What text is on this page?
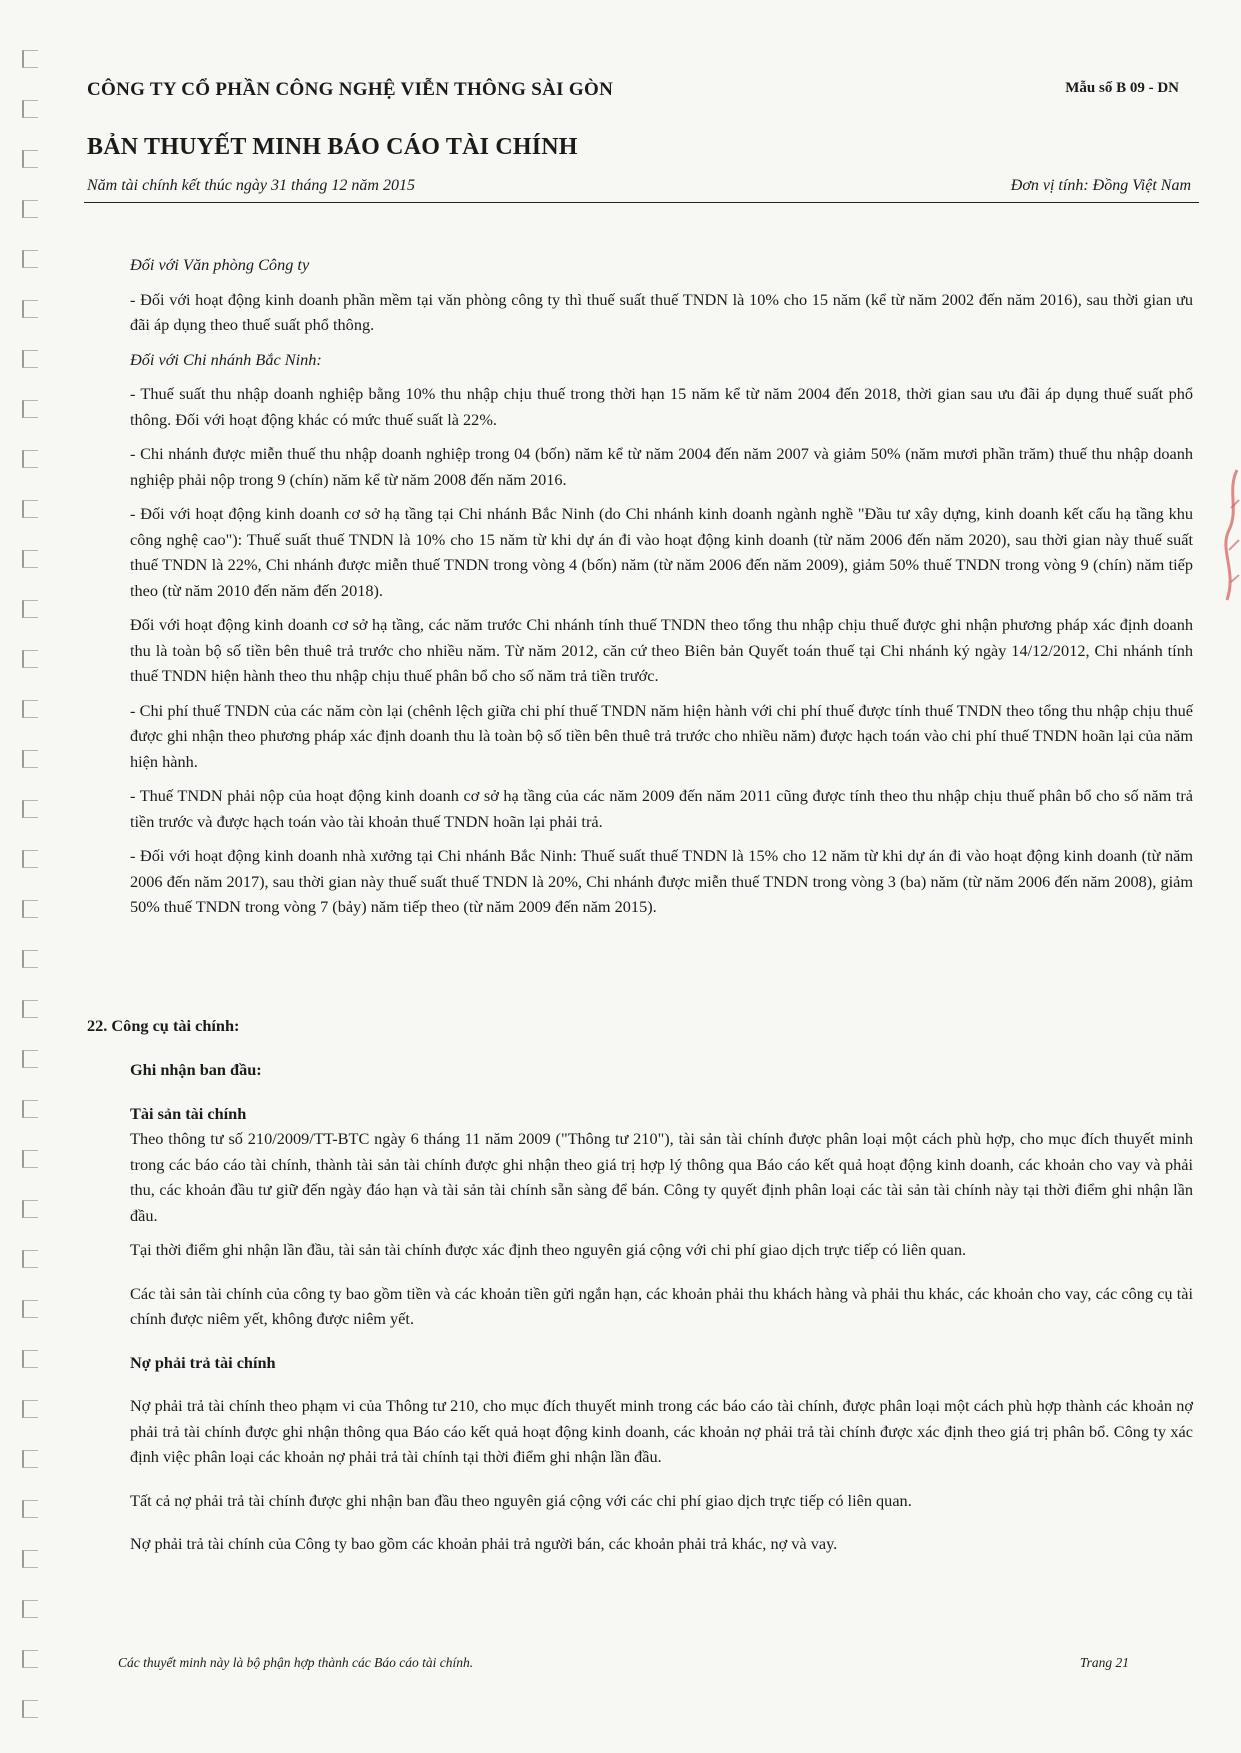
CÔNG TY CỔ PHẦN CÔNG NGHỆ VIỄN THÔNG SÀI GÒN	Mẫu số B 09 - DN
BẢN THUYẾT MINH BÁO CÁO TÀI CHÍNH
Năm tài chính kết thúc ngày 31 tháng 12 năm 2015	Đơn vị tính: Đồng Việt Nam

Đối với Văn phòng Công ty

- Đối với hoạt động kinh doanh phần mềm tại văn phòng công ty thì thuế suất thuế TNDN là 10% cho 15 năm (kể từ năm 2002 đến năm 2016), sau thời gian ưu đãi áp dụng theo thuế suất phổ thông.

Đối với Chi nhánh Bắc Ninh:

- Thuế suất thu nhập doanh nghiệp bằng 10% thu nhập chịu thuế trong thời hạn 15 năm kể từ năm 2004 đến 2018, thời gian sau ưu đãi áp dụng thuế suất phổ thông. Đối với hoạt động khác có mức thuế suất là 22%.

- Chi nhánh được miễn thuế thu nhập doanh nghiệp trong 04 (bốn) năm kể từ năm 2004 đến năm 2007 và giảm 50% (năm mươi phần trăm) thuế thu nhập doanh nghiệp phải nộp trong 9 (chín) năm kể từ năm 2008 đến năm 2016.

- Đối với hoạt động kinh doanh cơ sở hạ tầng tại Chi nhánh Bắc Ninh (do Chi nhánh kinh doanh ngành nghề "Đầu tư xây dựng, kinh doanh kết cấu hạ tầng khu công nghệ cao"): Thuế suất thuế TNDN là 10% cho 15 năm từ khi dự án đi vào hoạt động kinh doanh (từ năm 2006 đến năm 2020), sau thời gian này thuế suất thuế TNDN là 22%, Chi nhánh được miễn thuế TNDN trong vòng 4 (bốn) năm (từ năm 2006 đến năm 2009), giảm 50% thuế TNDN trong vòng 9 (chín) năm tiếp theo (từ năm 2010 đến năm đến 2018).

Đối với hoạt động kinh doanh cơ sở hạ tầng, các năm trước Chi nhánh tính thuế TNDN theo tổng thu nhập chịu thuế được ghi nhận phương pháp xác định doanh thu là toàn bộ số tiền bên thuê trả trước cho nhiều năm. Từ năm 2012, căn cứ theo Biên bản Quyết toán thuế tại Chi nhánh ký ngày 14/12/2012, Chi nhánh tính thuế TNDN hiện hành theo thu nhập chịu thuế phân bổ cho số năm trả tiền trước.

- Chi phí thuế TNDN của các năm còn lại (chênh lệch giữa chi phí thuế TNDN năm hiện hành với chi phí thuế được tính thuế TNDN theo tổng thu nhập chịu thuế được ghi nhận theo phương pháp xác định doanh thu là toàn bộ số tiền bên thuê trả trước cho nhiều năm) được hạch toán vào chi phí thuế TNDN hoãn lại của năm hiện hành.

- Thuế TNDN phải nộp của hoạt động kinh doanh cơ sở hạ tầng của các năm 2009 đến năm 2011 cũng được tính theo thu nhập chịu thuế phân bổ cho số năm trả tiền trước và được hạch toán vào tài khoản thuế TNDN hoãn lại phải trả.

- Đối với hoạt động kinh doanh nhà xưởng tại Chi nhánh Bắc Ninh: Thuế suất thuế TNDN là 15% cho 12 năm từ khi dự án đi vào hoạt động kinh doanh (từ năm 2006 đến năm 2017), sau thời gian này thuế suất thuế TNDN là 20%, Chi nhánh được miễn thuế TNDN trong vòng 3 (ba) năm (từ năm 2006 đến năm 2008), giảm 50% thuế TNDN trong vòng 7 (bảy) năm tiếp theo (từ năm 2009 đến năm 2015).

22. Công cụ tài chính:

Ghi nhận ban đầu:

Tài sản tài chính

Theo thông tư số 210/2009/TT-BTC ngày 6 tháng 11 năm 2009 ("Thông tư 210"), tài sản tài chính được phân loại một cách phù hợp, cho mục đích thuyết minh trong các báo cáo tài chính, thành tài sản tài chính được ghi nhận theo giá trị hợp lý thông qua Báo cáo kết quả hoạt động kinh doanh, các khoản cho vay và phải thu, các khoản đầu tư giữ đến ngày đáo hạn và tài sản tài chính sẵn sàng để bán. Công ty quyết định phân loại các tài sản tài chính này tại thời điểm ghi nhận lần đầu.

Tại thời điểm ghi nhận lần đầu, tài sản tài chính được xác định theo nguyên giá cộng với chi phí giao dịch trực tiếp có liên quan.

Các tài sản tài chính của công ty bao gồm tiền và các khoản tiền gửi ngắn hạn, các khoản phải thu khách hàng và phải thu khác, các khoản cho vay, các công cụ tài chính được niêm yết, không được niêm yết.

Nợ phải trả tài chính

Nợ phải trả tài chính theo phạm vi của Thông tư 210, cho mục đích thuyết minh trong các báo cáo tài chính, được phân loại một cách phù hợp thành các khoản nợ phải trả tài chính được ghi nhận thông qua Báo cáo kết quả hoạt động kinh doanh, các khoản nợ phải trả tài chính được xác định theo giá trị phân bổ. Công ty xác định việc phân loại các khoản nợ phải trả tài chính tại thời điểm ghi nhận lần đầu.

Tất cả nợ phải trả tài chính được ghi nhận ban đầu theo nguyên giá cộng với các chi phí giao dịch trực tiếp có liên quan.

Nợ phải trả tài chính của Công ty bao gồm các khoản phải trả người bán, các khoản phải trả khác, nợ và vay.

Các thuyết minh này là bộ phận hợp thành các Báo cáo tài chính.	Trang 21
